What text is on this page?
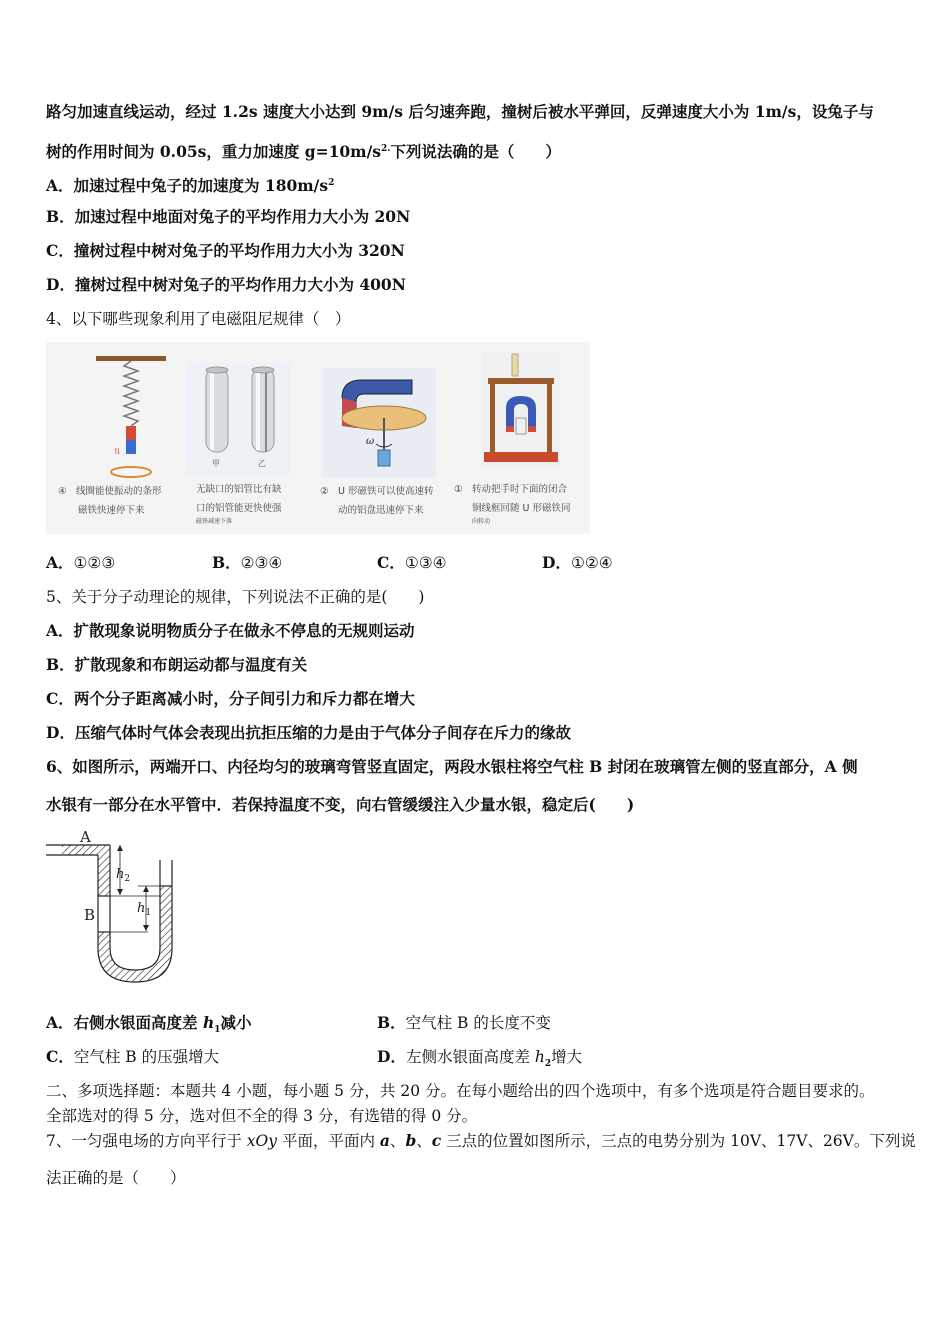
路匀加速直线运动，经过 1.2s 速度大小达到 9m/s 后匀速奔跑，撞树后被水平弹回，反弹速度大小为 1m/s，设兔子与
树的作用时间为 0.05s，重力加速度 $g=10m/s^{2.}$下列说法确的是（　　）
A．加速过程中兔子的加速度为 $180m/s^2$
B．加速过程中地面对兔子的平均作用力大小为 20N
C．撞树过程中树对兔子的平均作用力大小为 320N
D．撞树过程中树对兔子的平均作用力大小为 400N
4、以下哪些现象利用了电磁阻尼规律（　）
⇅
④　线圈能使振动的条形
磁铁快速停下来
甲	乙
无缺口的铝管比有缺
口的铝管能更快使强
磁铁减速下落
ω
②　U 形磁铁可以使高速转
动的铝盘迅速停下来
①　转动把手时下面的闭合
铜线框回随 U 形磁铁同
向转动
A．①②③	B．②③④	C．①③④	D．①②④
5、关于分子动理论的规律，下列说法不正确的是(　　)
A．扩散现象说明物质分子在做永不停息的无规则运动
B．扩散现象和布朗运动都与温度有关
C．两个分子距离减小时，分子间引力和斥力都在增大
D．压缩气体时气体会表现出抗拒压缩的力是由于气体分子间存在斥力的缘故
6、如图所示，两端开口、内径均匀的玻璃弯管竖直固定，两段水银柱将空气柱 B 封闭在玻璃管左侧的竖直部分，A 侧
水银有一部分在水平管中．若保持温度不变，向右管缓缓注入少量水银，稳定后(　　)
A
B
$h_2$
$h_1$
A．右侧水银面高度差 $h_1$减小	B．空气柱 B 的长度不变
C．空气柱 B 的压强增大	D．左侧水银面高度差 $h_2$增大
二、多项选择题：本题共 4 小题，每小题 5 分，共 20 分。在每小题给出的四个选项中，有多个选项是符合题目要求的。
全部选对的得 5 分，选对但不全的得 3 分，有选错的得 0 分。
7、一匀强电场的方向平行于 xOy 平面，平面内 a、b、c 三点的位置如图所示，三点的电势分别为 10V、17V、26V。下列说
法正确的是（　　）
